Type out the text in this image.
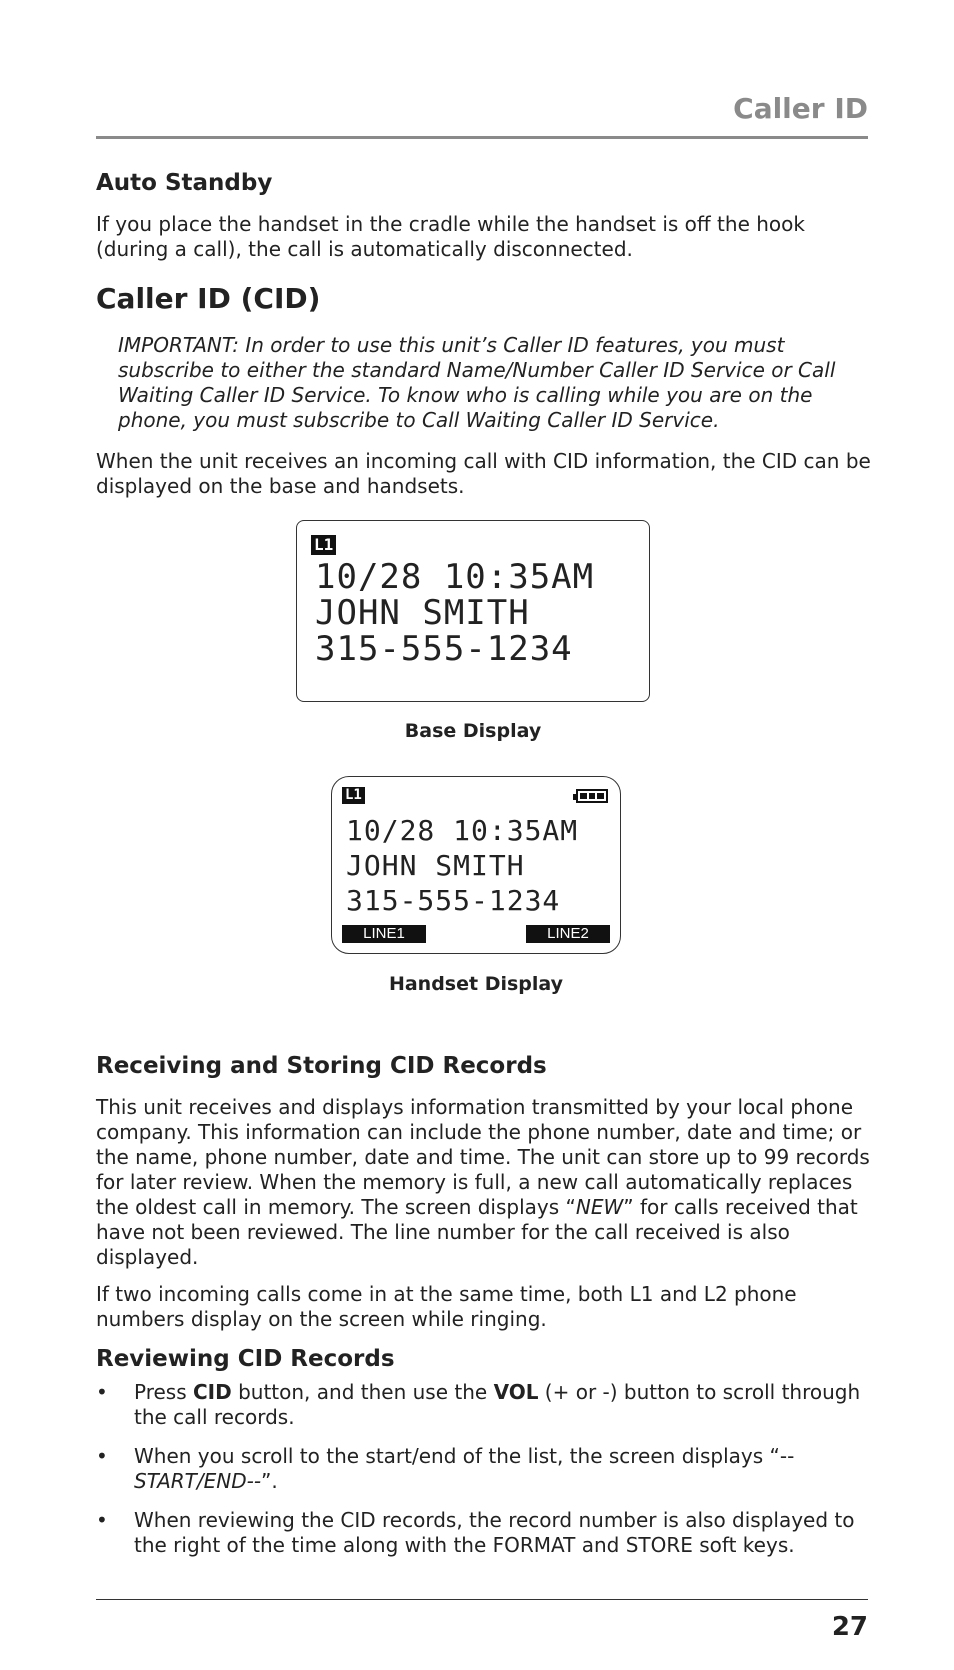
Caller ID
Auto Standby

If you place the handset in the cradle while the handset is off the hook (during a call), the call is automatically disconnected.

Caller ID (CID)

IMPORTANT: In order to use this unit’s Caller ID features, you must subscribe to either the standard Name/Number Caller ID Service or Call Waiting Caller ID Service. To know who is calling while you are on the phone, you must subscribe to Call Waiting Caller ID Service.

When the unit receives an incoming call with CID information, the CID can be displayed on the base and handsets.

L1
10/28 10:35AM
JOHN SMITH
315-555-1234
Base Display
L1
10/28 10:35AM
JOHN SMITH
315-555-1234
LINE1	LINE2
Handset Display
Receiving and Storing CID Records

This unit receives and displays information transmitted by your local phone company. This information can include the phone number, date and time; or the name, phone number, date and time. The unit can store up to 99 records for later review. When the memory is full, a new call automatically replaces the oldest call in memory. The screen displays “NEW” for calls received that have not been reviewed. The line number for the call received is also displayed.

If two incoming calls come in at the same time, both L1 and L2 phone numbers display on the screen while ringing.

Reviewing CID Records
• Press CID button, and then use the VOL (+ or -) button to scroll through the call records.
• When you scroll to the start/end of the list, the screen displays “--START/END--”.
• When reviewing the CID records, the record number is also displayed to the right of the time along with the FORMAT and STORE soft keys.
27
